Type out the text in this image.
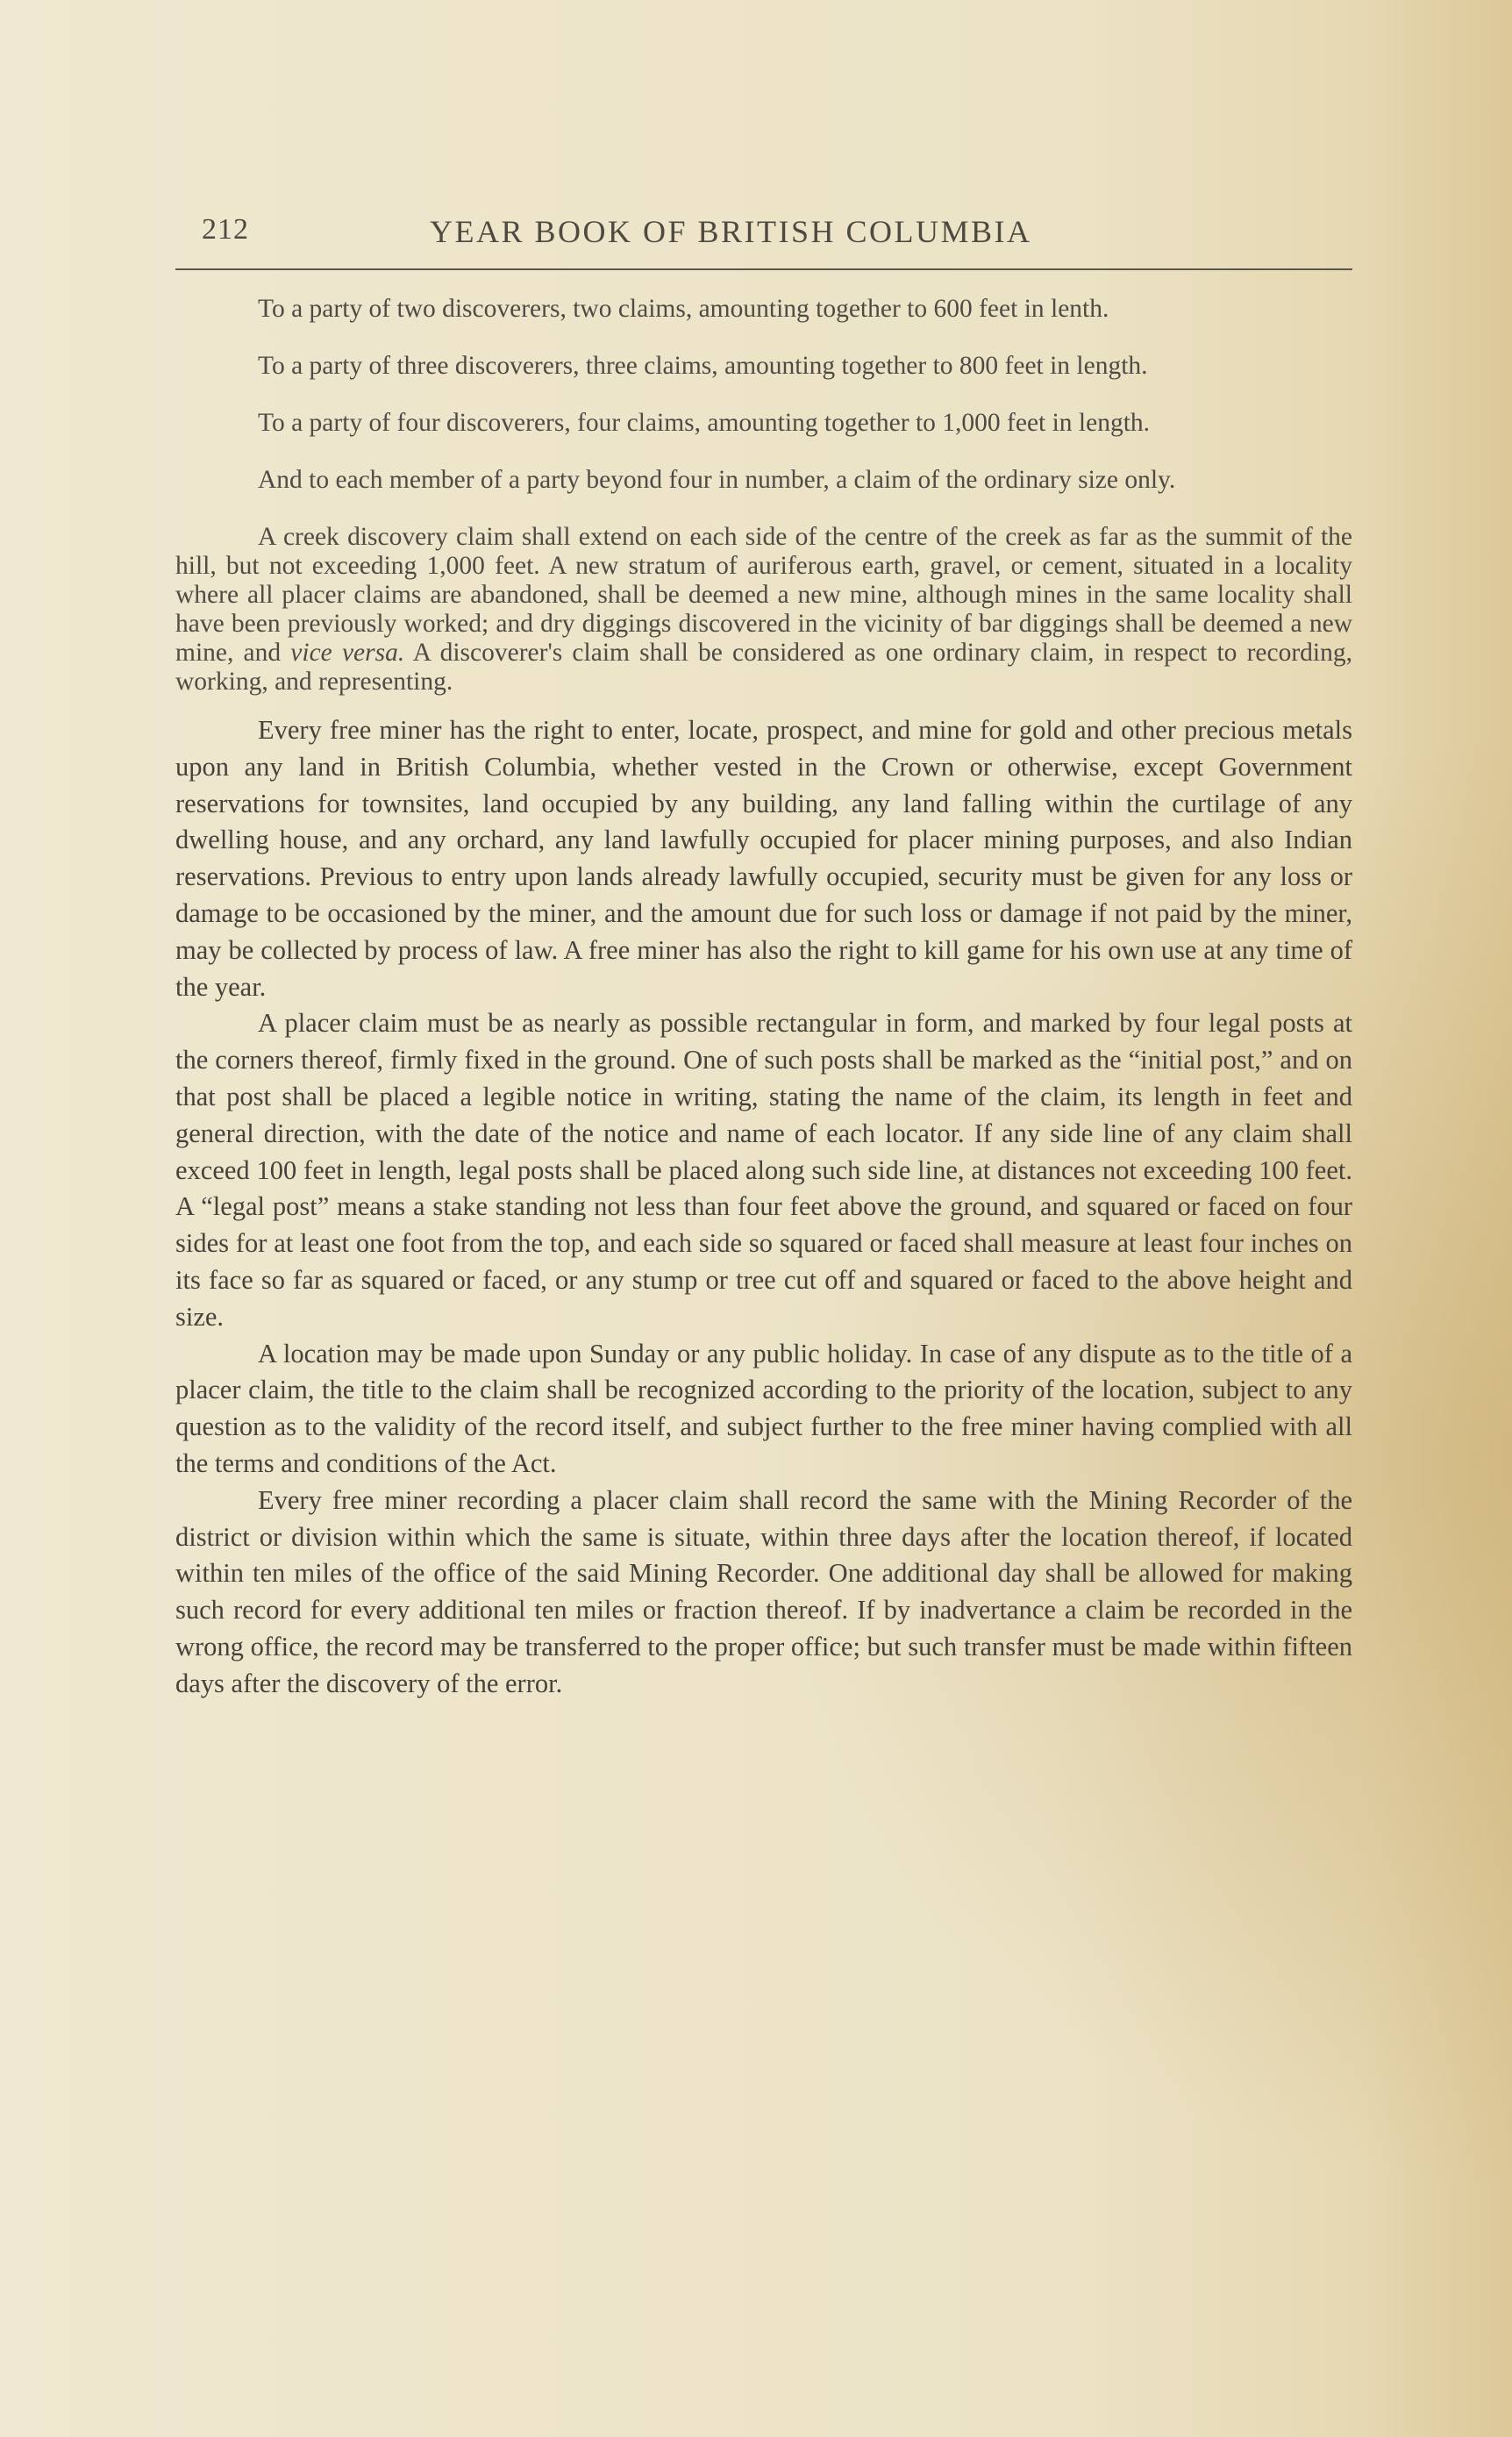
212	YEAR BOOK OF BRITISH COLUMBIA

To a party of two discoverers, two claims, amounting together to 600 feet in lenth.

To a party of three discoverers, three claims, amounting together to 800 feet in length.

To a party of four discoverers, four claims, amounting together to 1,000 feet in length.

And to each member of a party beyond four in number, a claim of the ordinary size only.

A creek discovery claim shall extend on each side of the centre of the creek as far as the summit of the hill, but not exceeding 1,000 feet. A new stratum of auriferous earth, gravel, or cement, situated in a locality where all placer claims are abandoned, shall be deemed a new mine, although mines in the same locality shall have been previously worked; and dry diggings discovered in the vicinity of bar diggings shall be deemed a new mine, and vice versa. A discoverer's claim shall be considered as one ordinary claim, in respect to recording, working, and representing.

Every free miner has the right to enter, locate, prospect, and mine for gold and other precious metals upon any land in British Columbia, whether vested in the Crown or otherwise, except Government reservations for townsites, land occupied by any building, any land falling within the curtilage of any dwelling house, and any orchard, any land lawfully occupied for placer mining purposes, and also Indian reservations. Previous to entry upon lands already lawfully occupied, security must be given for any loss or damage to be occasioned by the miner, and the amount due for such loss or damage if not paid by the miner, may be collected by process of law. A free miner has also the right to kill game for his own use at any time of the year.

A placer claim must be as nearly as possible rectangular in form, and marked by four legal posts at the corners thereof, firmly fixed in the ground. One of such posts shall be marked as the “initial post,” and on that post shall be placed a legible notice in writing, stating the name of the claim, its length in feet and general direction, with the date of the notice and name of each locator. If any side line of any claim shall exceed 100 feet in length, legal posts shall be placed along such side line, at distances not exceeding 100 feet. A “legal post” means a stake standing not less than four feet above the ground, and squared or faced on four sides for at least one foot from the top, and each side so squared or faced shall measure at least four inches on its face so far as squared or faced, or any stump or tree cut off and squared or faced to the above height and size.

A location may be made upon Sunday or any public holiday. In case of any dispute as to the title of a placer claim, the title to the claim shall be recognized according to the priority of the location, subject to any question as to the validity of the record itself, and subject further to the free miner having complied with all the terms and conditions of the Act.

Every free miner recording a placer claim shall record the same with the Mining Recorder of the district or division within which the same is situate, within three days after the location thereof, if located within ten miles of the office of the said Mining Recorder. One additional day shall be allowed for making such record for every additional ten miles or fraction thereof. If by inadvertance a claim be recorded in the wrong office, the record may be transferred to the proper office; but such transfer must be made within fifteen days after the discovery of the error.
